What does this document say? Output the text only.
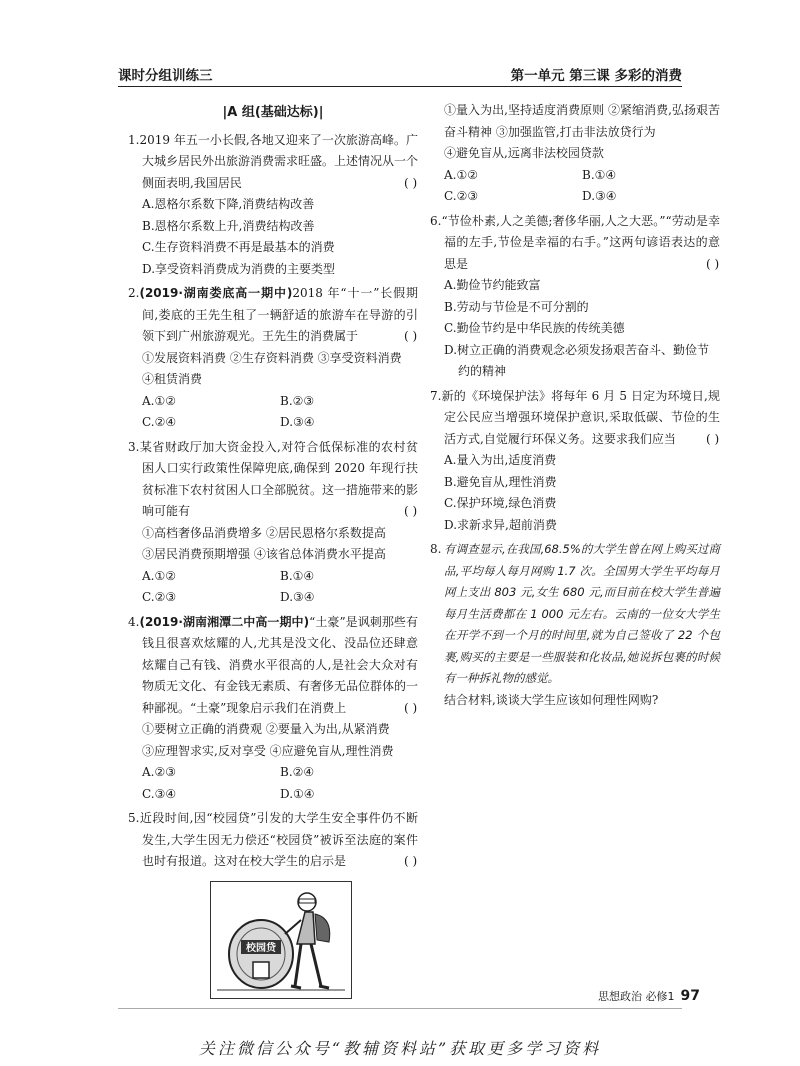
课时分组训练三	第一单元 第三课 多彩的消费
|A 组(基础达标)|
1.2019 年五一小长假,各地又迎来了一次旅游高峰。广大城乡居民外出旅游消费需求旺盛。上述情况从一个侧面表明,我国居民	( )
A.恩格尔系数下降,消费结构改善
B.恩格尔系数上升,消费结构改善
C.生存资料消费不再是最基本的消费
D.享受资料消费成为消费的主要类型
2.(2019·湖南娄底高一期中)2018 年“十一”长假期间,娄底的王先生租了一辆舒适的旅游车在导游的引领下到广州旅游观光。王先生的消费属于	( )
①发展资料消费 ②生存资料消费 ③享受资料消费
④租赁消费
A.①②	B.②③
C.②④	D.③④
3.某省财政厅加大资金投入,对符合低保标准的农村贫困人口实行政策性保障兜底,确保到 2020 年现行扶贫标准下农村贫困人口全部脱贫。这一措施带来的影响可能有	( )
①高档奢侈品消费增多 ②居民恩格尔系数提高
③居民消费预期增强 ④该省总体消费水平提高
A.①②	B.①④
C.②③	D.③④
4.(2019·湖南湘潭二中高一期中)“土豪”是讽刺那些有钱且很喜欢炫耀的人,尤其是没文化、没品位还肆意炫耀自己有钱、消费水平很高的人,是社会大众对有物质无文化、有金钱无素质、有奢侈无品位群体的一种鄙视。“土豪”现象启示我们在消费上	( )
①要树立正确的消费观 ②要量入为出,从紧消费
③应理智求实,反对享受 ④应避免盲从,理性消费
A.②③	B.②④
C.③④	D.①④
5.近段时间,因“校园贷”引发的大学生安全事件仍不断发生,大学生因无力偿还“校园贷”被诉至法庭的案件也时有报道。这对在校大学生的启示是	( )
校园贷
①量入为出,坚持适度消费原则 ②紧缩消费,弘扬艰苦奋斗精神 ③加强监管,打击非法放贷行为
④避免盲从,远离非法校园贷款
A.①②	B.①④
C.②③	D.③④
6.“节俭朴素,人之美德;奢侈华丽,人之大恶。”“劳动是幸福的左手,节俭是幸福的右手。”这两句谚语表达的意思是	( )
A.勤俭节约能致富
B.劳动与节俭是不可分割的
C.勤俭节约是中华民族的传统美德
D.树立正确的消费观念必须发扬艰苦奋斗、勤俭节约的精神
7.新的《环境保护法》将每年 6 月 5 日定为环境日,规定公民应当增强环境保护意识,采取低碳、节俭的生活方式,自觉履行环保义务。这要求我们应当	( )
A.量入为出,适度消费
B.避免盲从,理性消费
C.保护环境,绿色消费
D.求新求异,超前消费
8. 有调查显示,在我国,68.5%的大学生曾在网上购买过商品,平均每人每月网购 1.7 次。全国男大学生平均每月网上支出 803 元,女生 680 元,而目前在校大学生普遍每月生活费都在 1 000 元左右。云南的一位女大学生在开学不到一个月的时间里,就为自己签收了 22 个包裹,购买的主要是一些服装和化妆品,她说拆包裹的时候有一种拆礼物的感觉。
结合材料,谈谈大学生应该如何理性网购?
思想政治 必修1 97
关注微信公众号“教辅资料站”获取更多学习资料
